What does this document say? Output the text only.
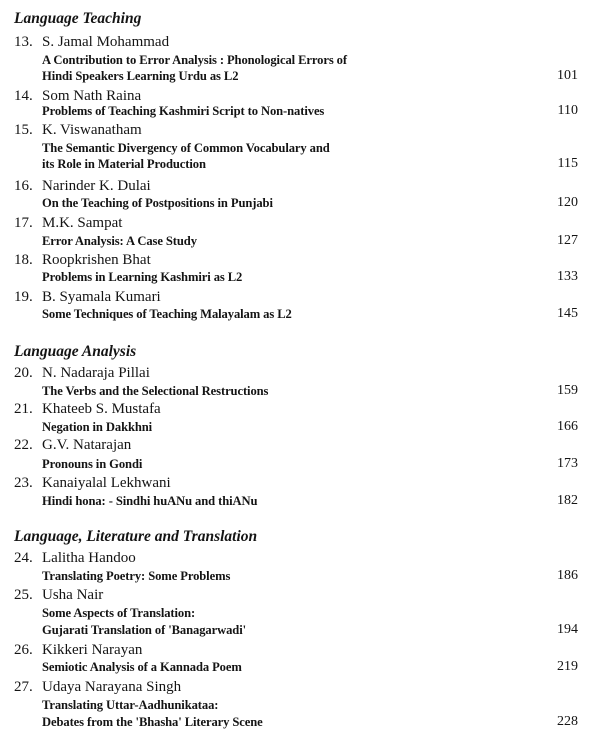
Language Teaching
13. S. Jamal Mohammad
A Contribution to Error Analysis : Phonological Errors of
Hindi Speakers Learning Urdu as L2	101
14. Som Nath Raina
Problems of Teaching Kashmiri Script to Non-natives	110
15. K. Viswanatham
The Semantic Divergency of Common Vocabulary and
its Role in Material Production	115
16. Narinder K. Dulai
On the Teaching of Postpositions in Punjabi	120
17. M.K. Sampat
Error Analysis: A Case Study	127
18. Roopkrishen Bhat
Problems in Learning Kashmiri as L2	133
19. B. Syamala Kumari
Some Techniques of Teaching Malayalam as L2	145
Language Analysis
20. N. Nadaraja Pillai
The Verbs and the Selectional Restructions	159
21. Khateeb S. Mustafa
Negation in Dakkhni	166
22. G.V. Natarajan
Pronouns in Gondi	173
23. Kanaiyalal Lekhwani
Hindi hona: - Sindhi huANu and thiANu	182
Language, Literature and Translation
24. Lalitha Handoo
Translating Poetry: Some Problems	186
25. Usha Nair
Some Aspects of Translation:
Gujarati Translation of 'Banagarwadi'	194
26. Kikkeri Narayan
Semiotic Analysis of a Kannada Poem	219
27. Udaya Narayana Singh
Translating Uttar-Aadhunikataa:
Debates from the 'Bhasha' Literary Scene	228
